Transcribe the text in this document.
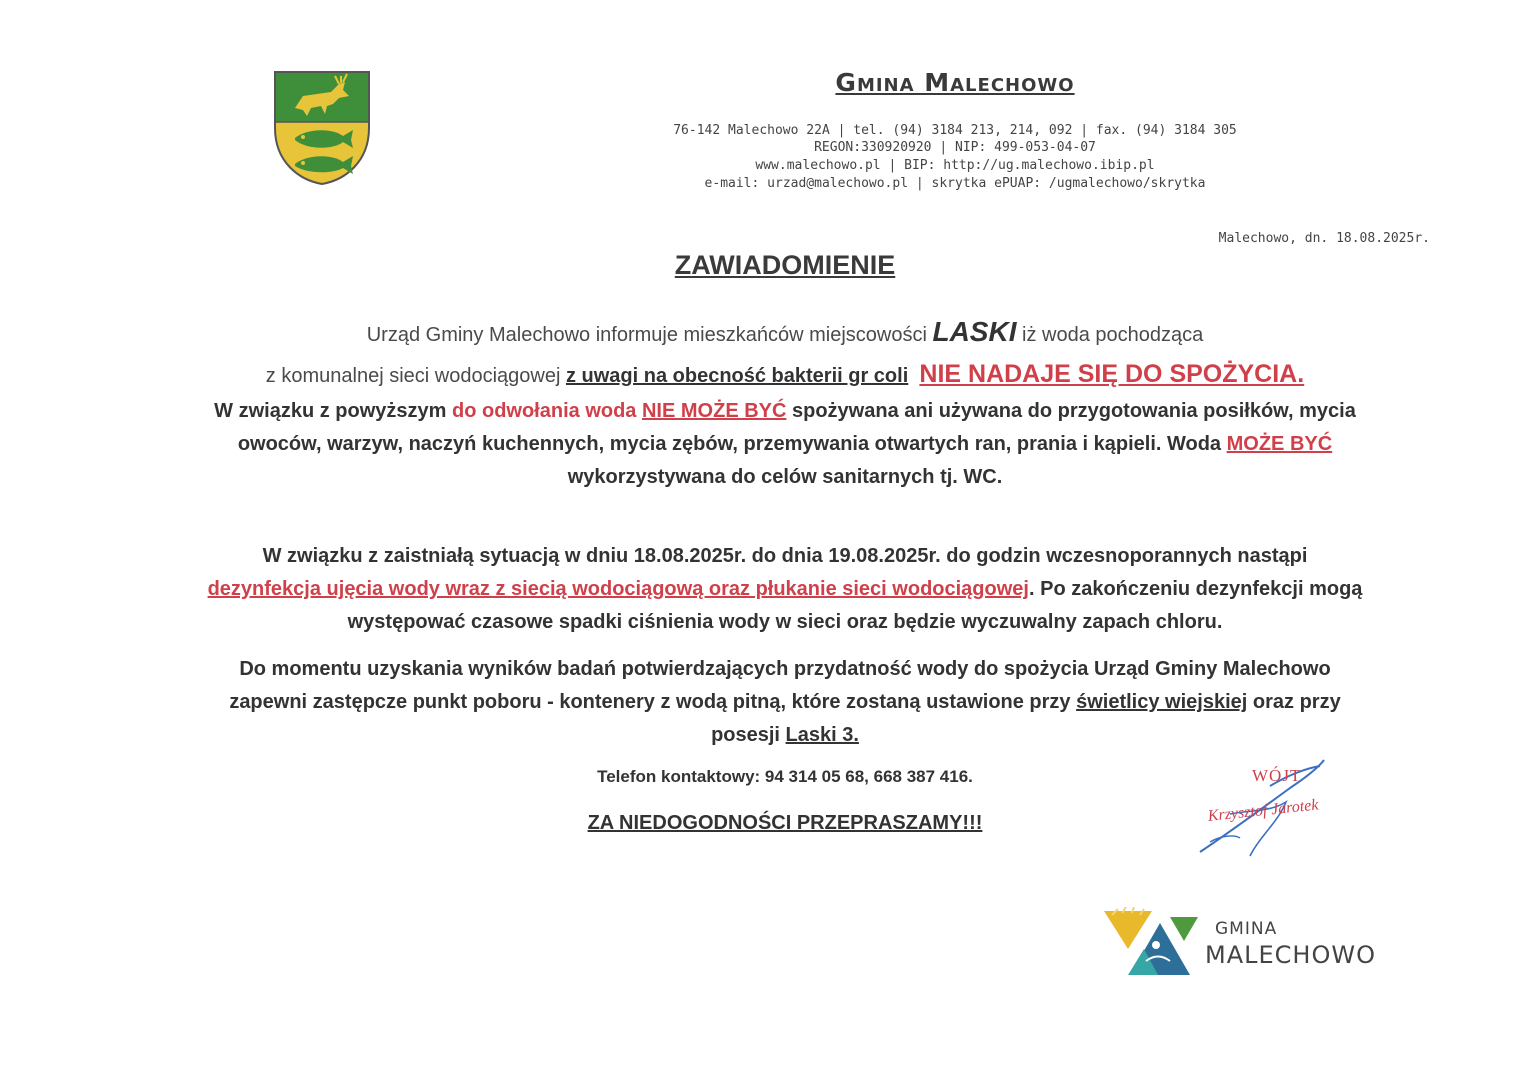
Gmina Malechowo
76-142 Malechowo 22A | tel. (94) 3184 213, 214, 092 | fax. (94) 3184 305
REGON:330920920 | NIP: 499-053-04-07
www.malechowo.pl | BIP: http://ug.malechowo.ibip.pl
e-mail: urzad@malechowo.pl | skrytka ePUAP: /ugmalechowo/skrytka
Malechowo, dn. 18.08.2025r.
ZAWIADOMIENIE
Urząd Gminy Malechowo informuje mieszkańców miejscowości LASKI iż woda pochodząca
z komunalnej sieci wodociągowej z uwagi na obecność bakterii gr coli NIE NADAJE SIĘ DO SPOŻYCIA.
W związku z powyższym do odwołania woda NIE MOŻE BYĆ spożywana ani używana do przygotowania posiłków, mycia
owoców, warzyw, naczyń kuchennych, mycia zębów, przemywania otwartych ran, prania i kąpieli. Woda MOŻE BYĆ
wykorzystywana do celów sanitarnych tj. WC.
W związku z zaistniałą sytuacją w dniu 18.08.2025r. do dnia 19.08.2025r. do godzin wczesnoporannych nastąpi
dezynfekcja ujęcia wody wraz z siecią wodociągową oraz płukanie sieci wodociągowej. Po zakończeniu dezynfekcji mogą
występować czasowe spadki ciśnienia wody w sieci oraz będzie wyczuwalny zapach chloru.
Do momentu uzyskania wyników badań potwierdzających przydatność wody do spożycia Urząd Gminy Malechowo
zapewni zastępcze punkt poboru - kontenery z wodą pitną, które zostaną ustawione przy świetlicy wiejskiej oraz przy
posesji Laski 3.
Telefon kontaktowy: 94 314 05 68, 668 387 416.
ZA NIEDOGODNOŚCI PRZEPRASZAMY!!!
WÓJT
Krzysztof Jarotek
GMINA
MALECHOWO
